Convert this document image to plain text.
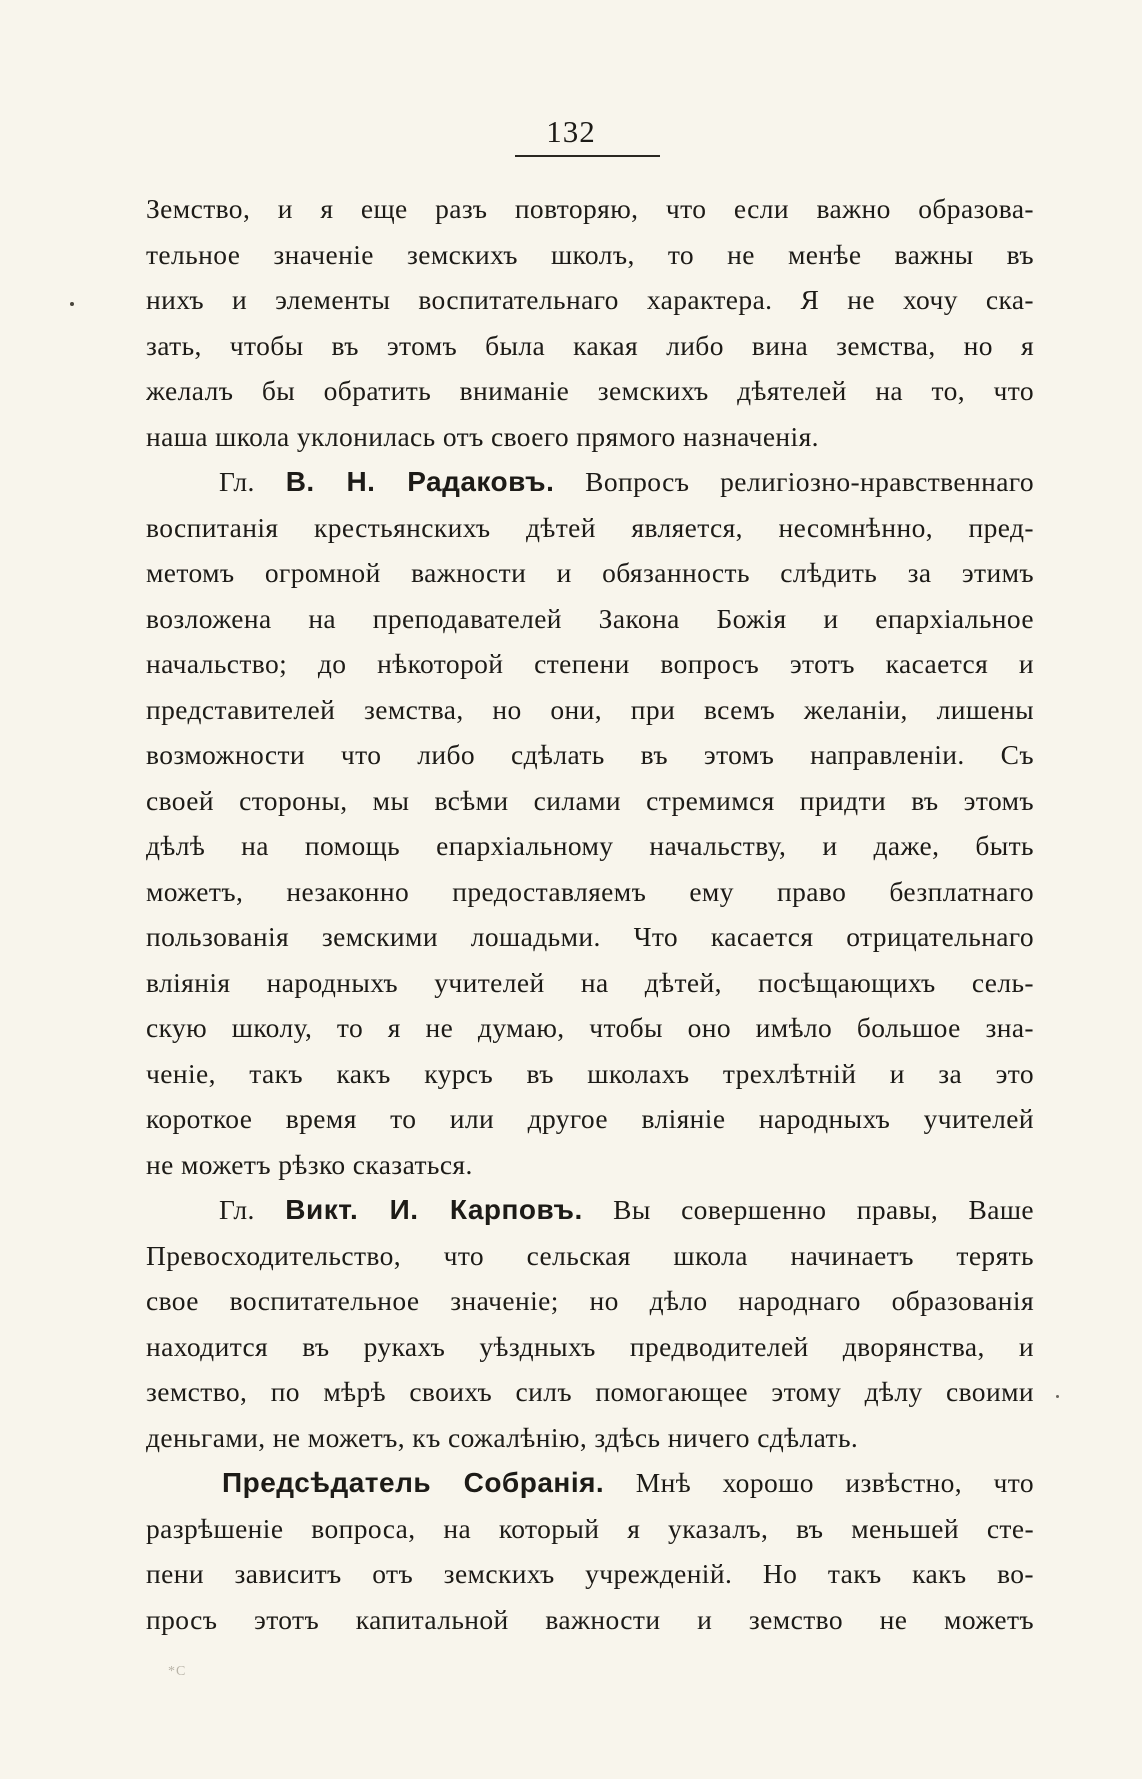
132
Земство, и я еще разъ повторяю, что если важно образова-
тельное значеніе земскихъ школъ, то не менѣе важны въ
нихъ и элементы воспитательнаго характера. Я не хочу ска-
зать, чтобы въ этомъ была какая либо вина земства, но я
желалъ бы обратить вниманіе земскихъ дѣятелей на то, что
наша школа уклонилась отъ своего прямого назначенія.
Гл. В. Н. Радаковъ. Вопросъ религіозно-нравственнаго
воспитанія крестьянскихъ дѣтей является, несомнѣнно, пред-
метомъ огромной важности и обязанность слѣдить за этимъ
возложена на преподавателей Закона Божія и епархіальное
начальство; до нѣкоторой степени вопросъ этотъ касается и
представителей земства, но они, при всемъ желаніи, лишены
возможности что либо сдѣлать въ этомъ направленіи. Съ
своей стороны, мы всѣми силами стремимся придти въ этомъ
дѣлѣ на помощь епархіальному начальству, и даже, быть
можетъ, незаконно предоставляемъ ему право безплатнаго
пользованія земскими лошадьми. Что касается отрицательнаго
вліянія народныхъ учителей на дѣтей, посѣщающихъ сель-
скую школу, то я не думаю, чтобы оно имѣло большое зна-
ченіе, такъ какъ курсъ въ школахъ трехлѣтній и за это
короткое время то или другое вліяніе народныхъ учителей
не можетъ рѣзко сказаться.
Гл. Викт. И. Карповъ. Вы совершенно правы, Ваше
Превосходительство, что сельская школа начинаетъ терять
свое воспитательное значеніе; но дѣло народнаго образованія
находится въ рукахъ уѣздныхъ предводителей дворянства, и
земство, по мѣрѣ своихъ силъ помогающее этому дѣлу своими
деньгами, не можетъ, къ сожалѣнію, здѣсь ничего сдѣлать.
Предсѣдатель Собранія. Мнѣ хорошо извѣстно, что
разрѣшеніе вопроса, на который я указалъ, въ меньшей сте-
пени зависитъ отъ земскихъ учрежденій. Но такъ какъ во-
просъ этотъ капитальной важности и земство не можетъ
*С
